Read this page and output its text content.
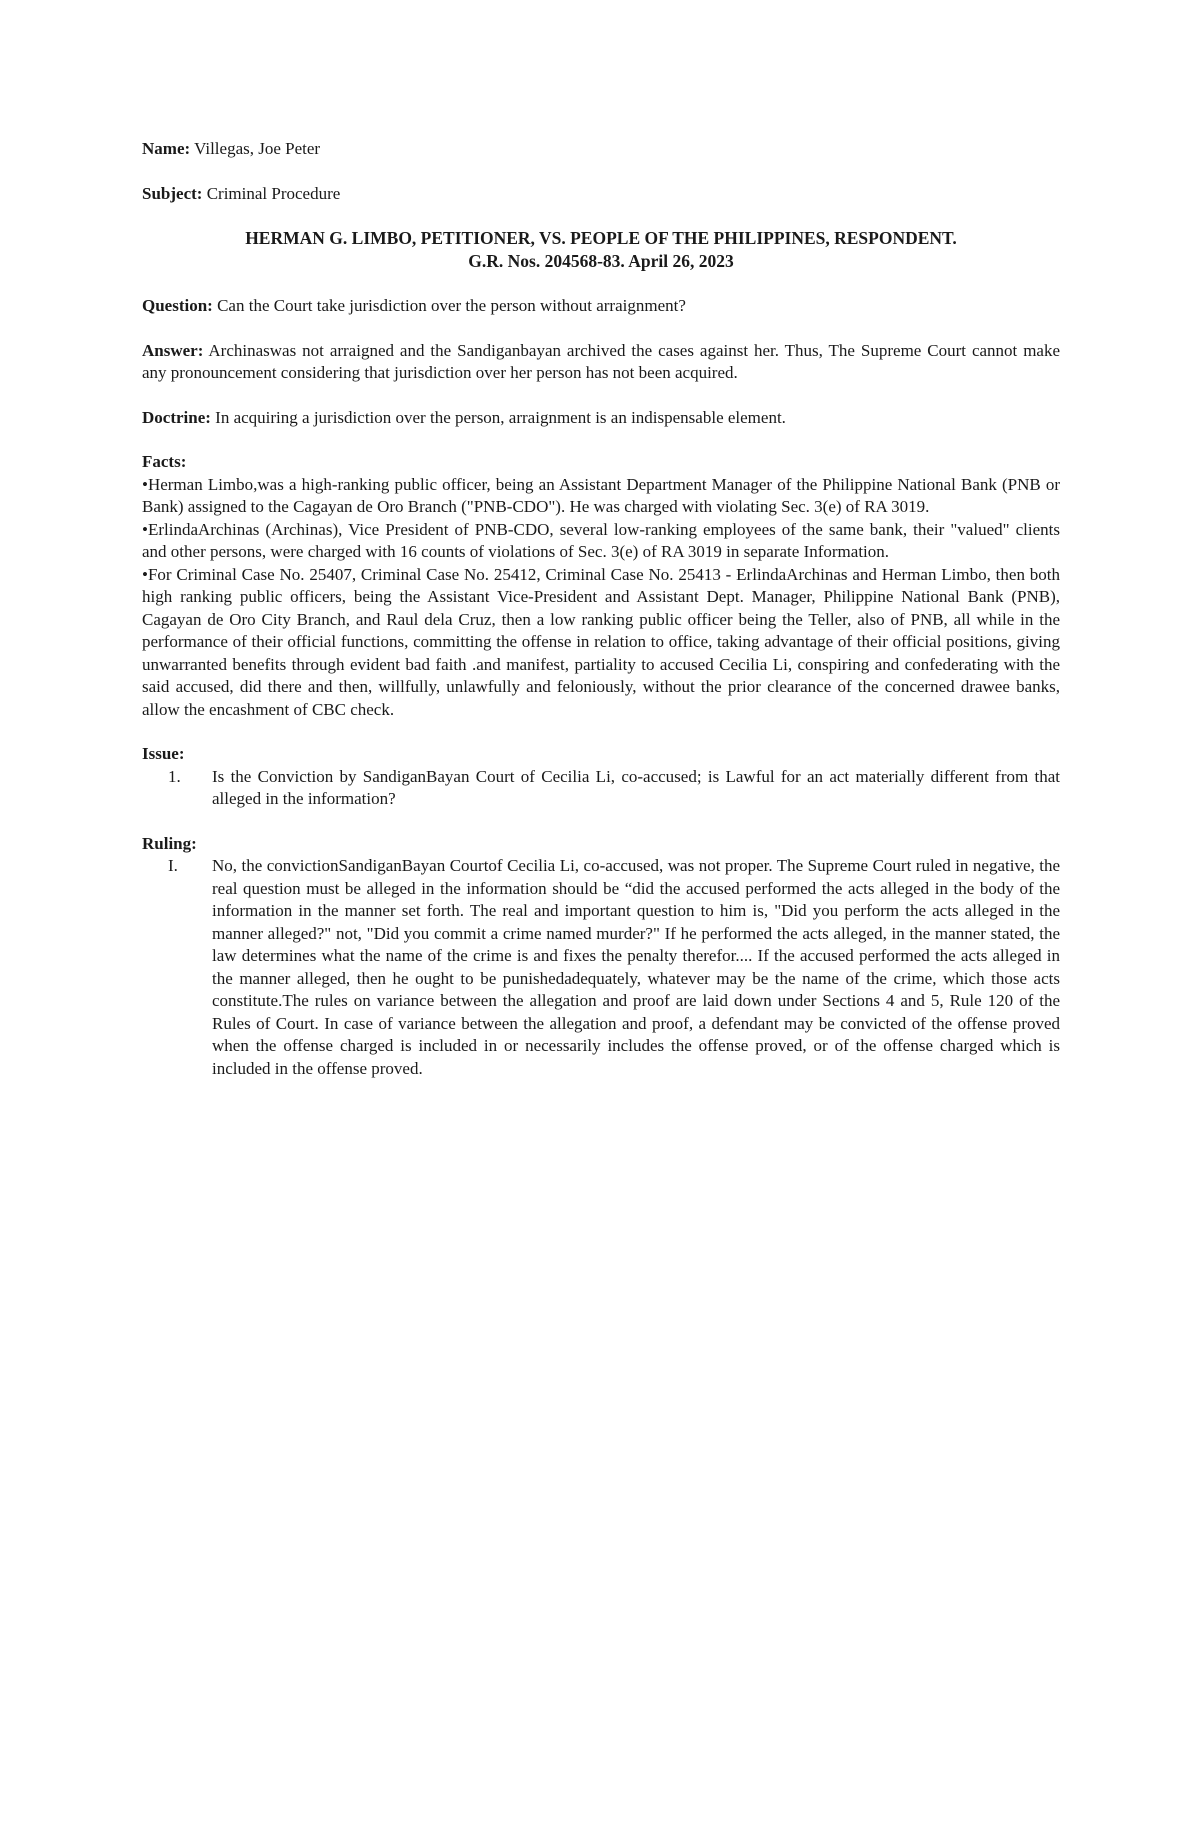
Name: Villegas, Joe Peter

Subject: Criminal Procedure

HERMAN G. LIMBO, PETITIONER, VS. PEOPLE OF THE PHILIPPINES, RESPONDENT.

G.R. Nos. 204568-83. April 26, 2023

Question: Can the Court take jurisdiction over the person without arraignment?

Answer: Archinaswas not arraigned and the Sandiganbayan archived the cases against her. Thus, The Supreme Court cannot make any pronouncement considering that jurisdiction over her person has not been acquired.

Doctrine: In acquiring a jurisdiction over the person, arraignment is an indispensable element.

Facts:

•Herman Limbo,was a high-ranking public officer, being an Assistant Department Manager of the Philippine National Bank (PNB or Bank) assigned to the Cagayan de Oro Branch ("PNB-CDO"). He was charged with violating Sec. 3(e) of RA 3019.

•ErlindaArchinas (Archinas), Vice President of PNB-CDO, several low-ranking employees of the same bank, their "valued" clients and other persons, were charged with 16 counts of violations of Sec. 3(e) of RA 3019 in separate Information.

•For Criminal Case No. 25407, Criminal Case No. 25412, Criminal Case No. 25413 - ErlindaArchinas and Herman Limbo, then both high ranking public officers, being the Assistant Vice-President and Assistant Dept. Manager, Philippine National Bank (PNB), Cagayan de Oro City Branch, and Raul dela Cruz, then a low ranking public officer being the Teller, also of PNB, all while in the performance of their official functions, committing the offense in relation to office, taking advantage of their official positions, giving unwarranted benefits through evident bad faith .and manifest, partiality to accused Cecilia Li, conspiring and confederating with the said accused, did there and then, willfully, unlawfully and feloniously, without the prior clearance of the concerned drawee banks, allow the encashment of CBC check.

Issue:

1.	Is the Conviction by SandiganBayan Court of Cecilia Li, co-accused; is Lawful for an act materially different from that alleged in the information?

Ruling:

I.	No, the convictionSandiganBayan Courtof Cecilia Li, co-accused, was not proper. The Supreme Court ruled in negative, the real question must be alleged in the information should be “did the accused performed the acts alleged in the body of the information in the manner set forth. The real and important question to him is, "Did you perform the acts alleged in the manner alleged?" not, "Did you commit a crime named murder?" If he performed the acts alleged, in the manner stated, the law determines what the name of the crime is and fixes the penalty therefor.... If the accused performed the acts alleged in the manner alleged, then he ought to be punishedadequately, whatever may be the name of the crime, which those acts constitute.The rules on variance between the allegation and proof are laid down under Sections 4 and 5, Rule 120 of the Rules of Court. In case of variance between the allegation and proof, a defendant may be convicted of the offense proved when the offense charged is included in or necessarily includes the offense proved, or of the offense charged which is included in the offense proved.
